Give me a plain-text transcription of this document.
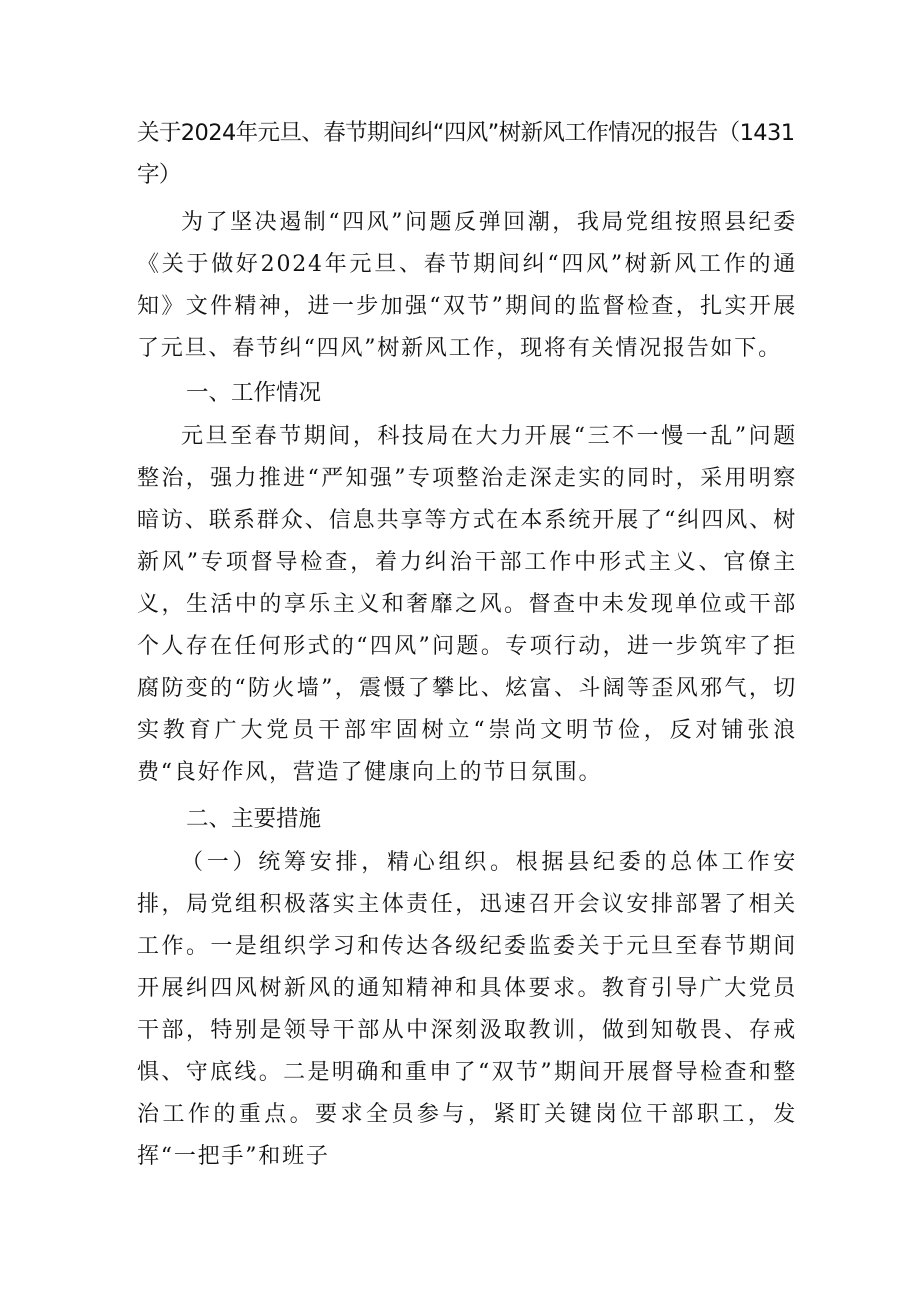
关于2024年元旦、春节期间纠“四风”树新风工作情况的报告（1431字）

为了坚决遏制“四风”问题反弹回潮，我局党组按照县纪委《关于做好2024年元旦、春节期间纠“四风”树新风工作的通知》文件精神，进一步加强“双节”期间的监督检查，扎实开展了元旦、春节纠“四风”树新风工作，现将有关情况报告如下。

一、工作情况

元旦至春节期间，科技局在大力开展“三不一慢一乱”问题整治，强力推进“严知强”专项整治走深走实的同时，采用明察暗访、联系群众、信息共享等方式在本系统开展了“纠四风、树新风”专项督导检查，着力纠治干部工作中形式主义、官僚主义，生活中的享乐主义和奢靡之风。督查中未发现单位或干部个人存在任何形式的“四风”问题。专项行动，进一步筑牢了拒腐防变的“防火墙”，震慑了攀比、炫富、斗阔等歪风邪气，切实教育广大党员干部牢固树立“崇尚文明节俭，反对铺张浪费“良好作风，营造了健康向上的节日氛围。

二、主要措施

（一）统筹安排，精心组织。根据县纪委的总体工作安排，局党组积极落实主体责任，迅速召开会议安排部署了相关工作。一是组织学习和传达各级纪委监委关于元旦至春节期间开展纠四风树新风的通知精神和具体要求。教育引导广大党员干部，特别是领导干部从中深刻汲取教训，做到知敬畏、存戒惧、守底线。二是明确和重申了“双节”期间开展督导检查和整治工作的重点。要求全员参与，紧盯关键岗位干部职工，发挥“一把手”和班子
